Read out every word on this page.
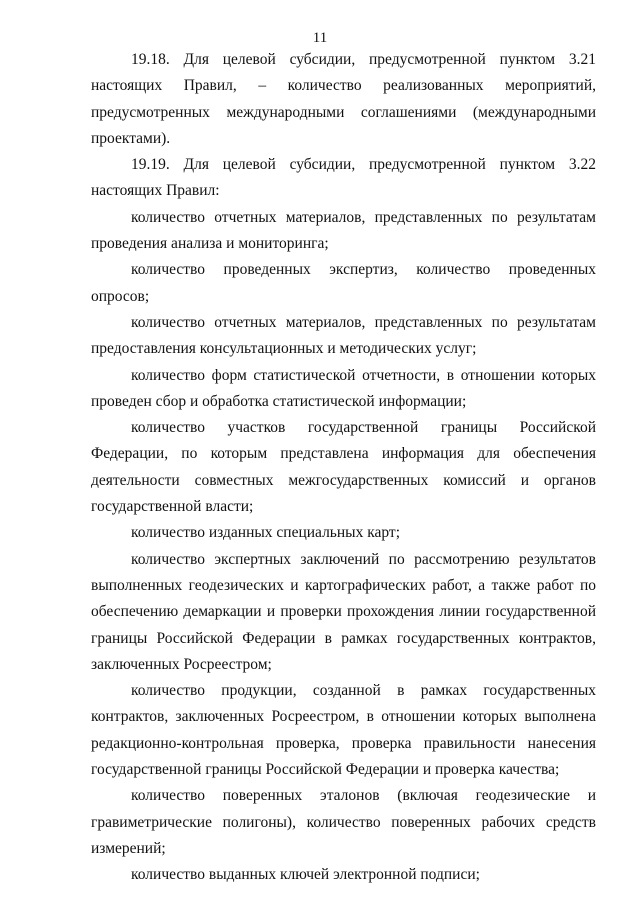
11

19.18. Для целевой субсидии, предусмотренной пунктом 3.21 настоящих Правил, – количество реализованных мероприятий, предусмотренных международными соглашениями (международными проектами).

19.19. Для целевой субсидии, предусмотренной пунктом 3.22 настоящих Правил:

количество отчетных материалов, представленных по результатам проведения анализа и мониторинга;

количество проведенных экспертиз, количество проведенных опросов;

количество отчетных материалов, представленных по результатам предоставления консультационных и методических услуг;

количество форм статистической отчетности, в отношении которых проведен сбор и обработка статистической информации;

количество участков государственной границы Российской Федерации, по которым представлена информация для обеспечения деятельности совместных межгосударственных комиссий и органов государственной власти;

количество изданных специальных карт;

количество экспертных заключений по рассмотрению результатов выполненных геодезических и картографических работ, а также работ по обеспечению демаркации и проверки прохождения линии государственной границы Российской Федерации в рамках государственных контрактов, заключенных Росреестром;

количество продукции, созданной в рамках государственных контрактов, заключенных Росреестром, в отношении которых выполнена редакционно-контрольная проверка, проверка правильности нанесения государственной границы Российской Федерации и проверка качества;

количество поверенных эталонов (включая геодезические и гравиметрические полигоны), количество поверенных рабочих средств измерений;

количество выданных ключей электронной подписи;
